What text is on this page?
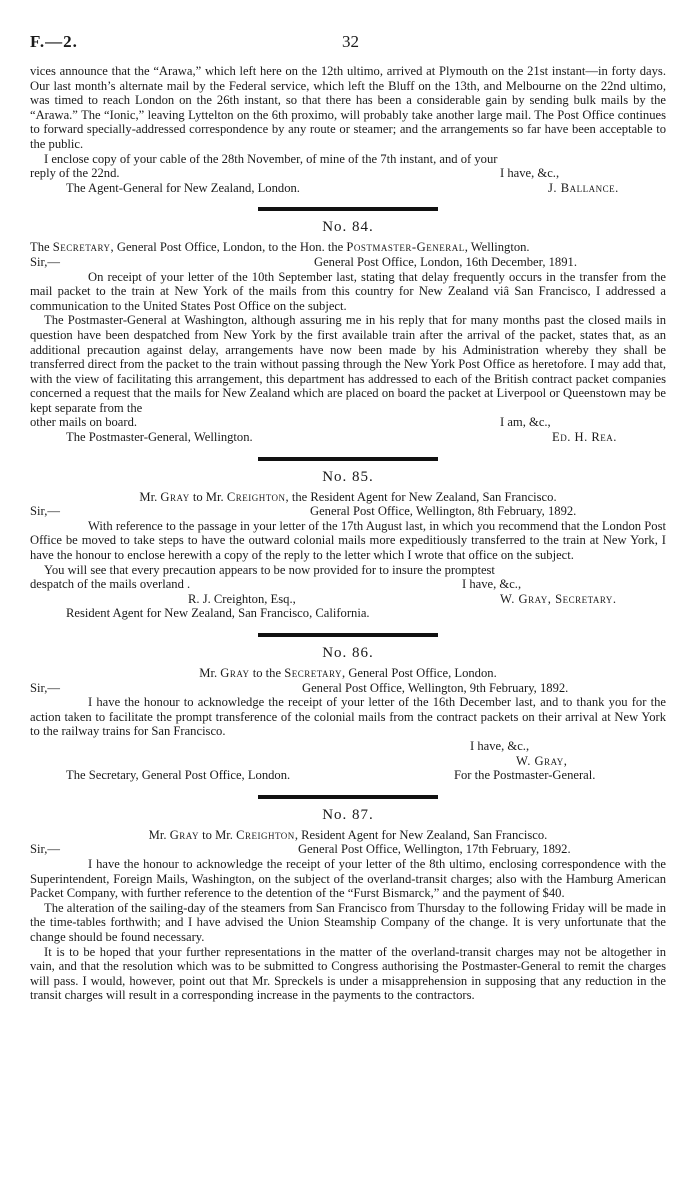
F.—2.	32

vices announce that the “Arawa,” which left here on the 12th ultimo, arrived at Plymouth on the 21st instant—in forty days. Our last month’s alternate mail by the Federal service, which left the Bluff on the 13th, and Melbourne on the 22nd ultimo, was timed to reach London on the 26th instant, so that there has been a considerable gain by sending bulk mails by the “Arawa.” The “Ionic,” leaving Lyttelton on the 6th proximo, will probably take another large mail. The Post Office continues to forward specially-addressed correspondence by any route or steamer; and the arrangements so far have been acceptable to the public.

I enclose copy of your cable of the 28th November, of mine of the 7th instant, and of your
reply of the 22nd.	I have, &c.,
The Agent-General for New Zealand, London.	J. Ballance.
No. 84.
The Secretary, General Post Office, London, to the Hon. the Postmaster-General, Wellington.
Sir,—	General Post Office, London, 16th December, 1891.

On receipt of your letter of the 10th September last, stating that delay frequently occurs in the transfer from the mail packet to the train at New York of the mails from this country for New Zealand viâ San Francisco, I addressed a communication to the United States Post Office on the subject.

The Postmaster-General at Washington, although assuring me in his reply that for many months past the closed mails in question have been despatched from New York by the first available train after the arrival of the packet, states that, as an additional precaution against delay, arrangements have now been made by his Administration whereby they shall be transferred direct from the packet to the train without passing through the New York Post Office as heretofore. I may add that, with the view of facilitating this arrangement, this department has addressed to each of the British contract packet companies concerned a request that the mails for New Zealand which are placed on board the packet at Liverpool or Queenstown may be kept separate from the

other mails on board.	I am, &c.,
The Postmaster-General, Wellington.	Ed. H. Rea.
No. 85.
Mr. Gray to Mr. Creighton, the Resident Agent for New Zealand, San Francisco.
Sir,—	General Post Office, Wellington, 8th February, 1892.

With reference to the passage in your letter of the 17th August last, in which you recommend that the London Post Office be moved to take steps to have the outward colonial mails more expeditiously transferred to the train at New York, I have the honour to enclose herewith a copy of the reply to the letter which I wrote that office on the subject.

You will see that every precaution appears to be now provided for to insure the promptest
despatch of the mails overland .	I have, &c.,
R. J. Creighton, Esq.,	W. Gray, Secretary.
Resident Agent for New Zealand, San Francisco, California.
No. 86.
Mr. Gray to the Secretary, General Post Office, London.
Sir,—	General Post Office, Wellington, 9th February, 1892.

I have the honour to acknowledge the receipt of your letter of the 16th December last, and to thank you for the action taken to facilitate the prompt transference of the colonial mails from the contract packets on their arrival at New York to the railway trains for San Francisco.

I have, &c.,
W. Gray,
The Secretary, General Post Office, London.	For the Postmaster-General.
No. 87.
Mr. Gray to Mr. Creighton, Resident Agent for New Zealand, San Francisco.
Sir,—	General Post Office, Wellington, 17th February, 1892.

I have the honour to acknowledge the receipt of your letter of the 8th ultimo, enclosing correspondence with the Superintendent, Foreign Mails, Washington, on the subject of the overland-transit charges; also with the Hamburg American Packet Company, with further reference to the detention of the “Furst Bismarck,” and the payment of $40.

The alteration of the sailing-day of the steamers from San Francisco from Thursday to the following Friday will be made in the time-tables forthwith; and I have advised the Union Steamship Company of the change. It is very unfortunate that the change should be found necessary.

It is to be hoped that your further representations in the matter of the overland-transit charges may not be altogether in vain, and that the resolution which was to be submitted to Congress authorising the Postmaster-General to remit the charges will pass. I would, however, point out that Mr. Spreckels is under a misapprehension in supposing that any reduction in the transit charges will result in a corresponding increase in the payments to the contractors.
